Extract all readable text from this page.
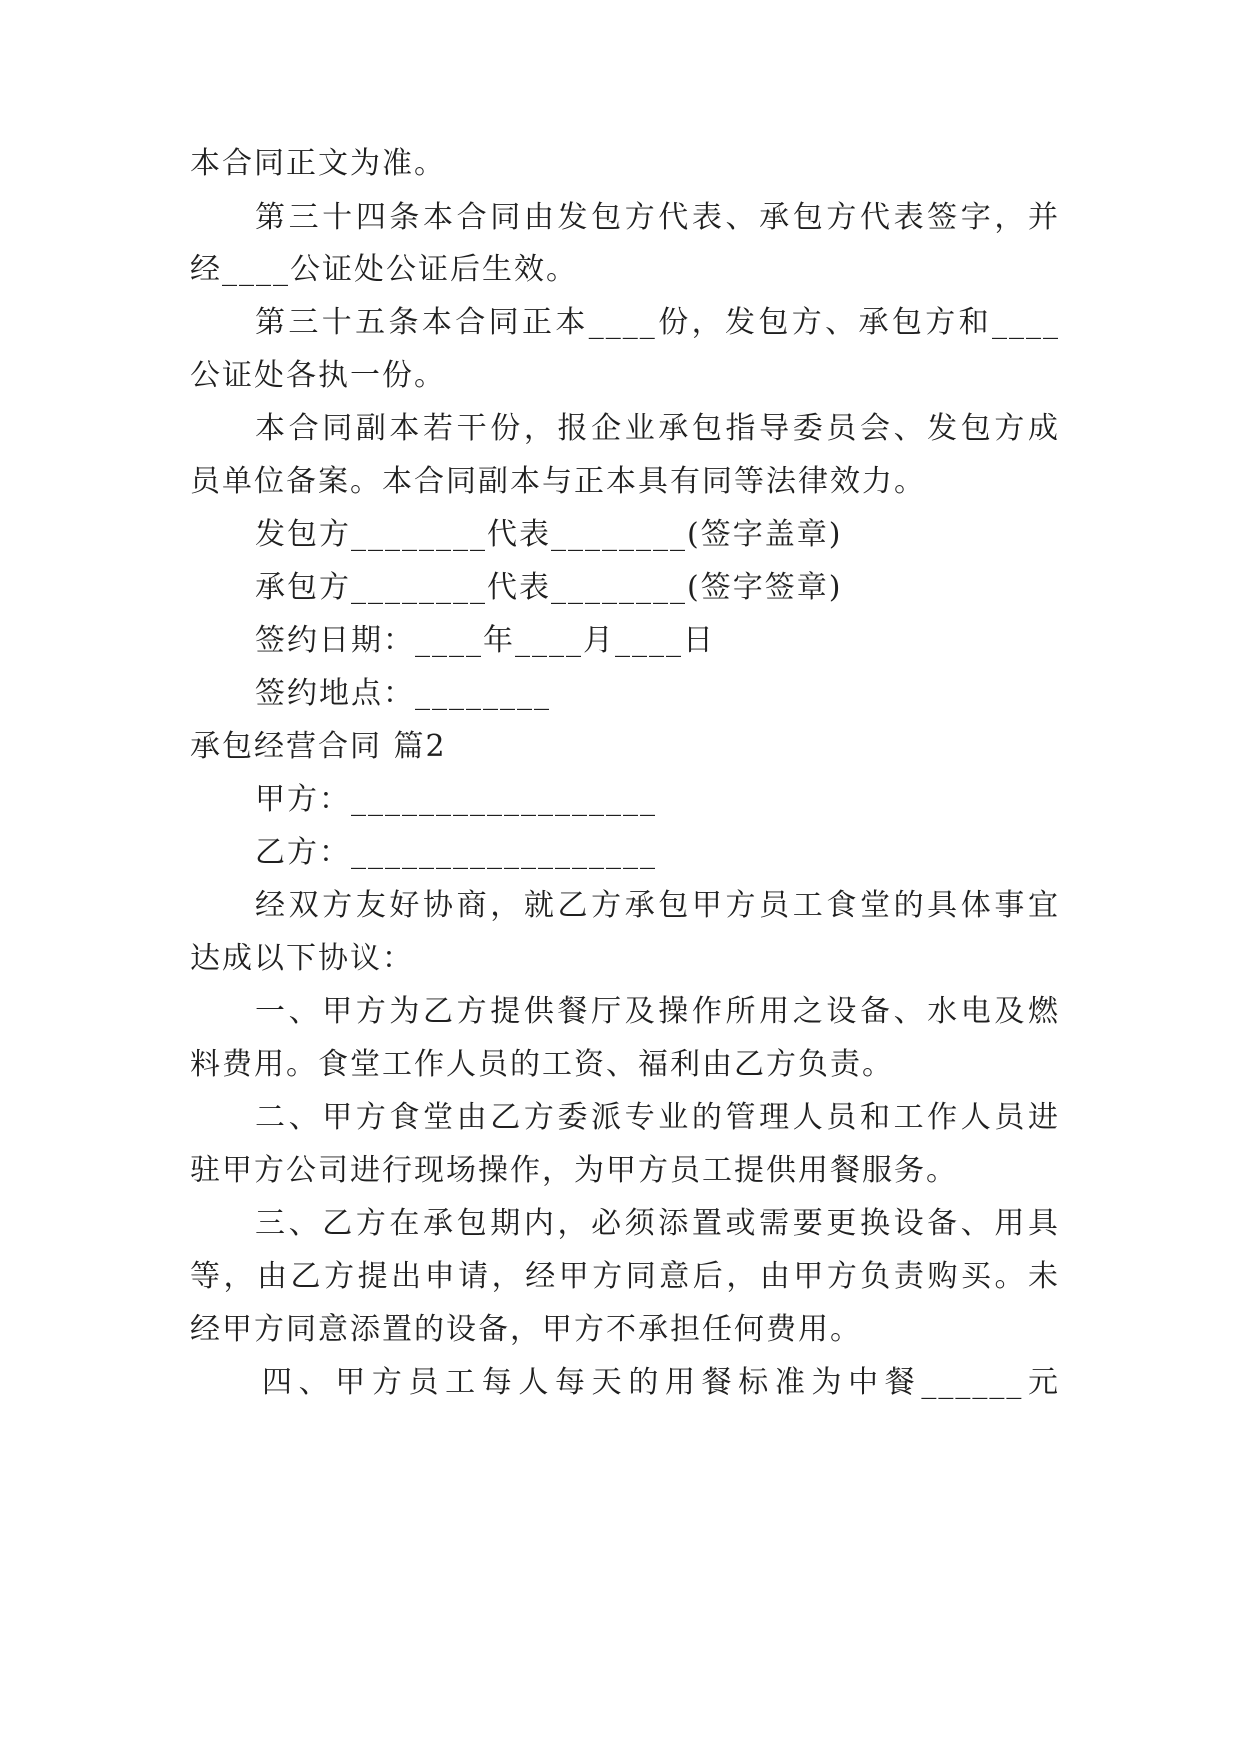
本合同正文为准。
第三十四条本合同由发包方代表、承包方代表签字，并
经____公证处公证后生效。
第三十五条本合同正本____份，发包方、承包方和____
公证处各执一份。
本合同副本若干份，报企业承包指导委员会、发包方成
员单位备案。本合同副本与正本具有同等法律效力。
发包方________代表________(签字盖章)
承包方________代表________(签字签章)
签约日期：____年____月____日
签约地点：________
承包经营合同 篇2
甲方：__________________
乙方：__________________
经双方友好协商，就乙方承包甲方员工食堂的具体事宜
达成以下协议：
一、甲方为乙方提供餐厅及操作所用之设备、水电及燃
料费用。食堂工作人员的工资、福利由乙方负责。
二、甲方食堂由乙方委派专业的管理人员和工作人员进
驻甲方公司进行现场操作，为甲方员工提供用餐服务。
三、乙方在承包期内，必须添置或需要更换设备、用具
等，由乙方提出申请，经甲方同意后，由甲方负责购买。未
经甲方同意添置的设备，甲方不承担任何费用。
四、甲方员工每人每天的用餐标准为中餐______元
